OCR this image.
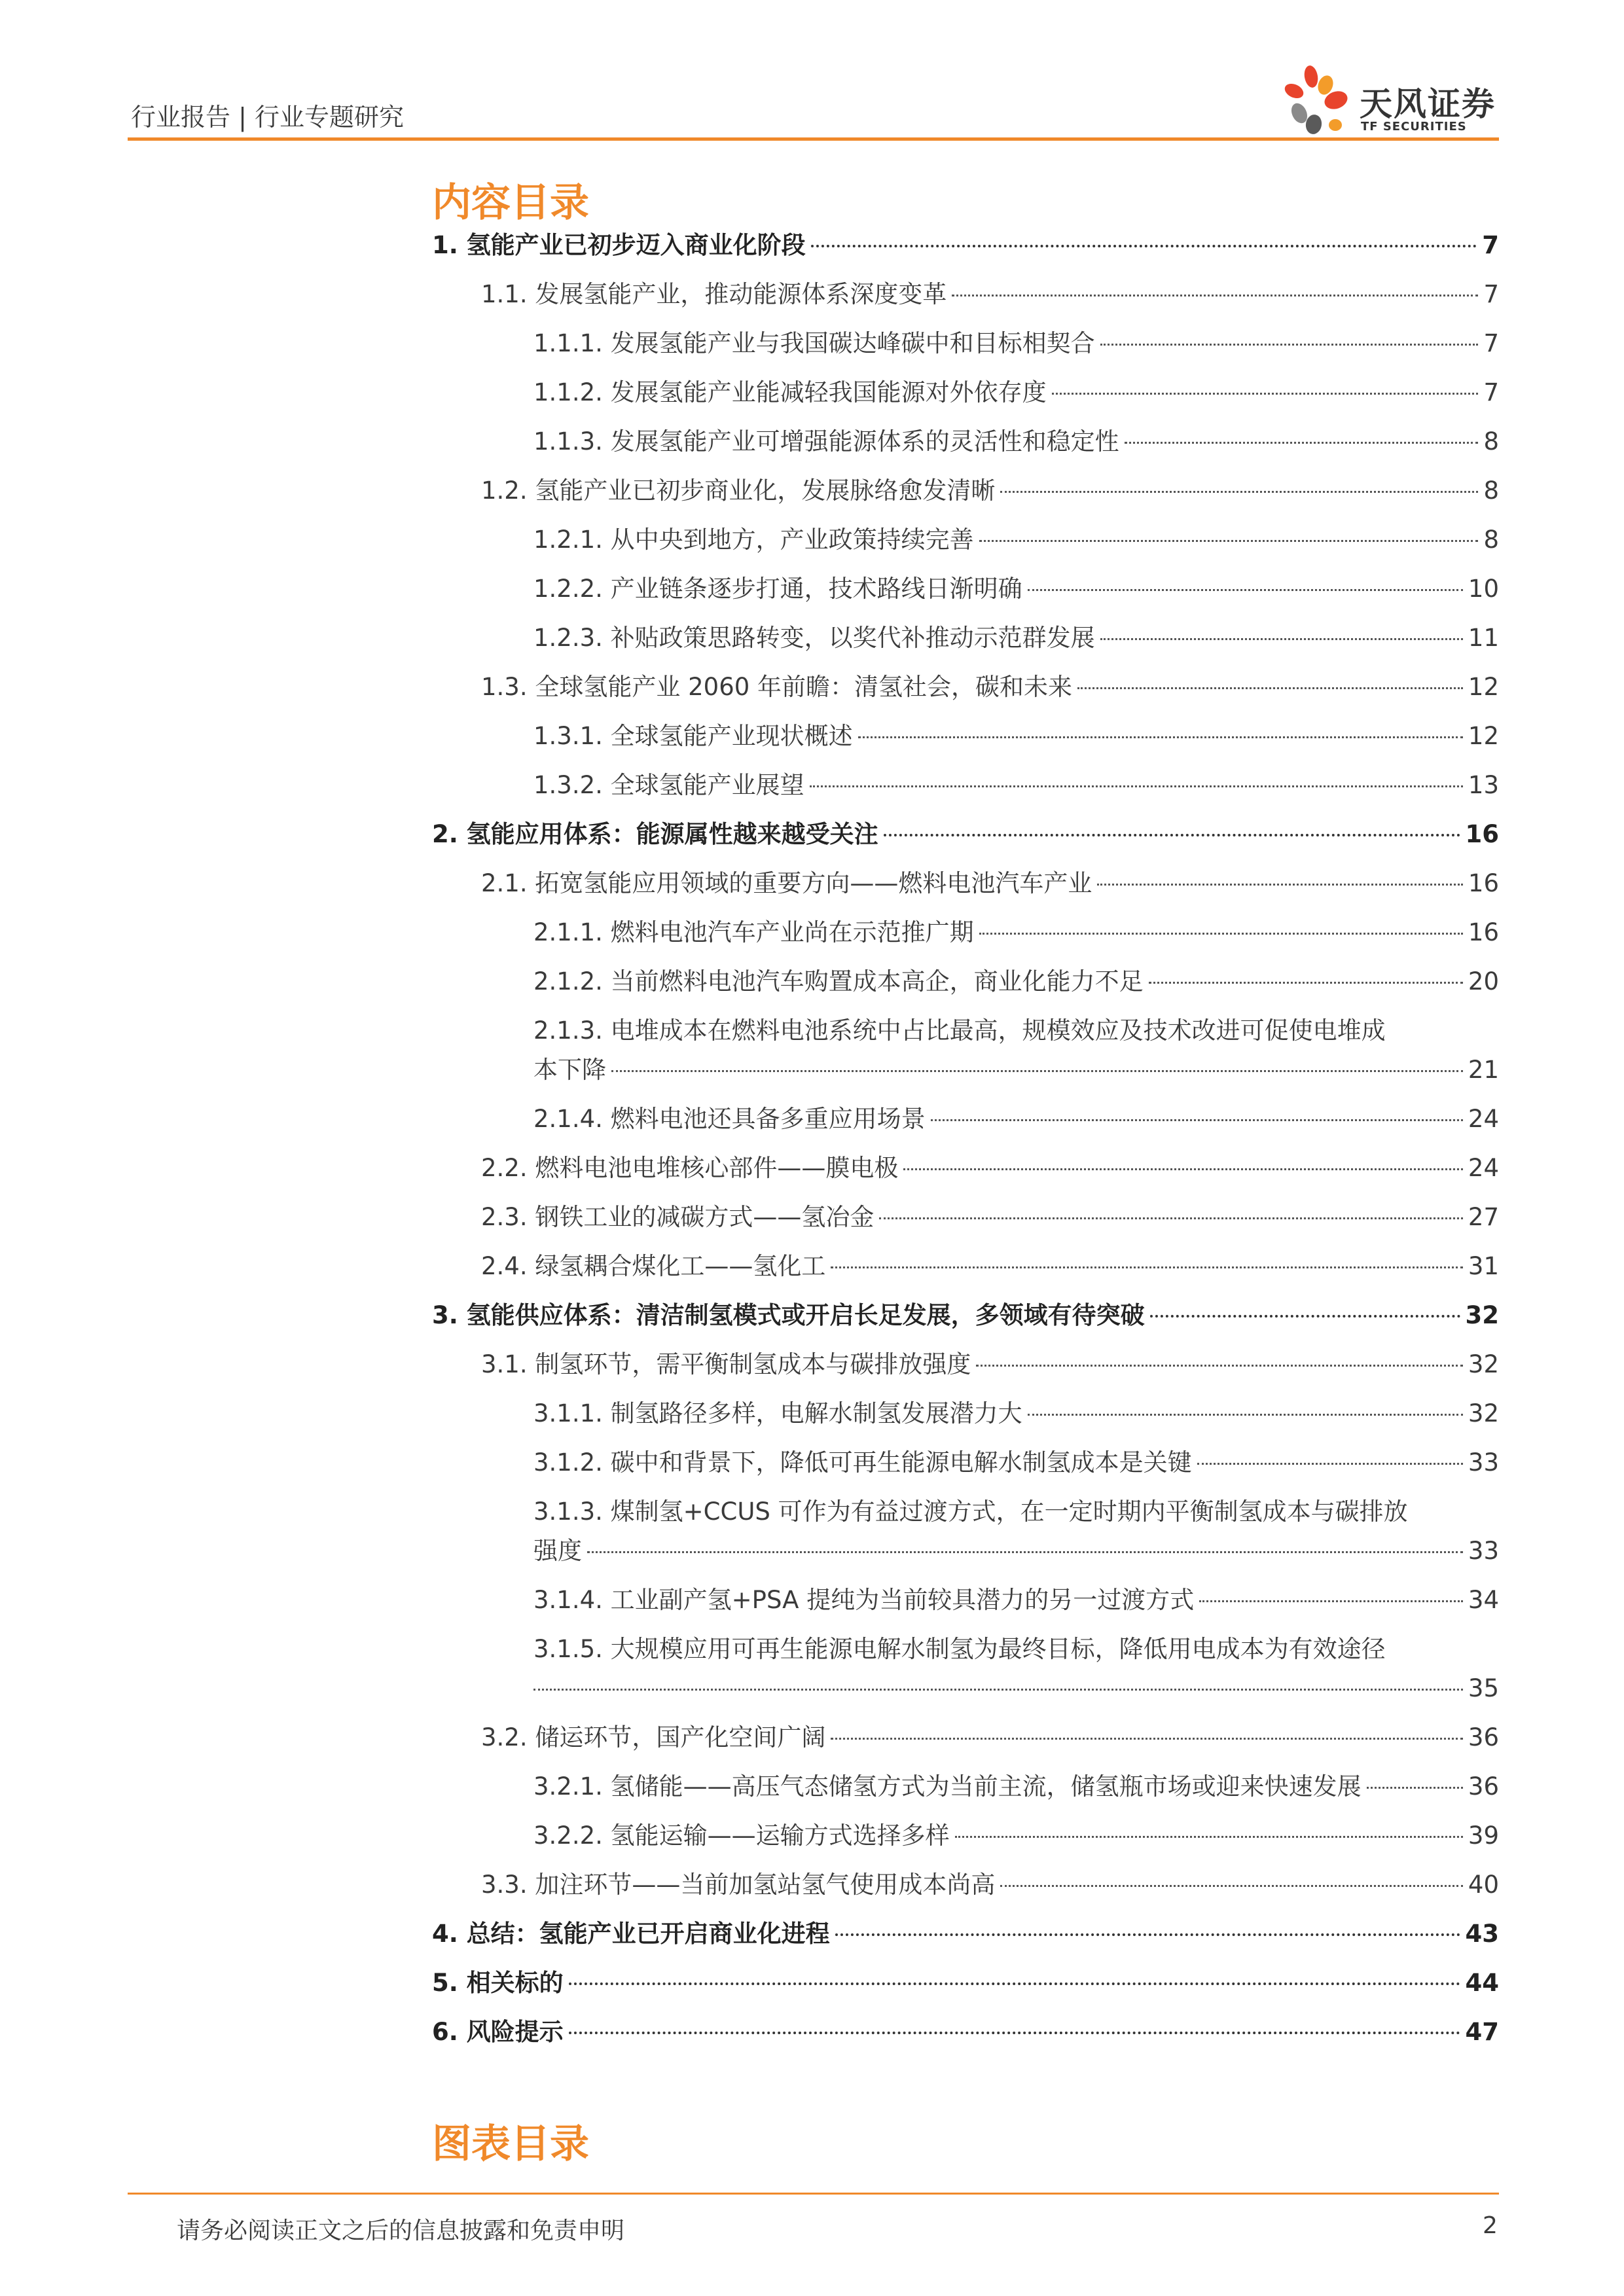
行业报告 | 行业专题研究	天风证券
TF SECURITIES
内容目录
1. 氢能产业已初步迈入商业化阶段	7
1.1. 发展氢能产业，推动能源体系深度变革	7
1.1.1. 发展氢能产业与我国碳达峰碳中和目标相契合	7
1.1.2. 发展氢能产业能减轻我国能源对外依存度	7
1.1.3. 发展氢能产业可增强能源体系的灵活性和稳定性	8
1.2. 氢能产业已初步商业化，发展脉络愈发清晰	8
1.2.1. 从中央到地方，产业政策持续完善	8
1.2.2. 产业链条逐步打通，技术路线日渐明确	10
1.2.3. 补贴政策思路转变，以奖代补推动示范群发展	11
1.3. 全球氢能产业 2060 年前瞻：清氢社会，碳和未来	12
1.3.1. 全球氢能产业现状概述	12
1.3.2. 全球氢能产业展望	13
2. 氢能应用体系：能源属性越来越受关注	16
2.1. 拓宽氢能应用领域的重要方向——燃料电池汽车产业	16
2.1.1. 燃料电池汽车产业尚在示范推广期	16
2.1.2. 当前燃料电池汽车购置成本高企，商业化能力不足	20
2.1.3. 电堆成本在燃料电池系统中占比最高，规模效应及技术改进可促使电堆成
本下降	21
2.1.4. 燃料电池还具备多重应用场景	24
2.2. 燃料电池电堆核心部件——膜电极	24
2.3. 钢铁工业的减碳方式——氢冶金	27
2.4. 绿氢耦合煤化工——氢化工	31
3. 氢能供应体系：清洁制氢模式或开启长足发展，多领域有待突破	32
3.1. 制氢环节，需平衡制氢成本与碳排放强度	32
3.1.1. 制氢路径多样，电解水制氢发展潜力大	32
3.1.2. 碳中和背景下，降低可再生能源电解水制氢成本是关键	33
3.1.3. 煤制氢+CCUS 可作为有益过渡方式，在一定时期内平衡制氢成本与碳排放
强度	33
3.1.4. 工业副产氢+PSA 提纯为当前较具潜力的另一过渡方式	34
3.1.5. 大规模应用可再生能源电解水制氢为最终目标，降低用电成本为有效途径
35
3.2. 储运环节，国产化空间广阔	36
3.2.1. 氢储能——高压气态储氢方式为当前主流，储氢瓶市场或迎来快速发展	36
3.2.2. 氢能运输——运输方式选择多样	39
3.3. 加注环节——当前加氢站氢气使用成本尚高	40
4. 总结：氢能产业已开启商业化进程	43
5. 相关标的	44
6. 风险提示	47
图表目录
请务必阅读正文之后的信息披露和免责申明	2
